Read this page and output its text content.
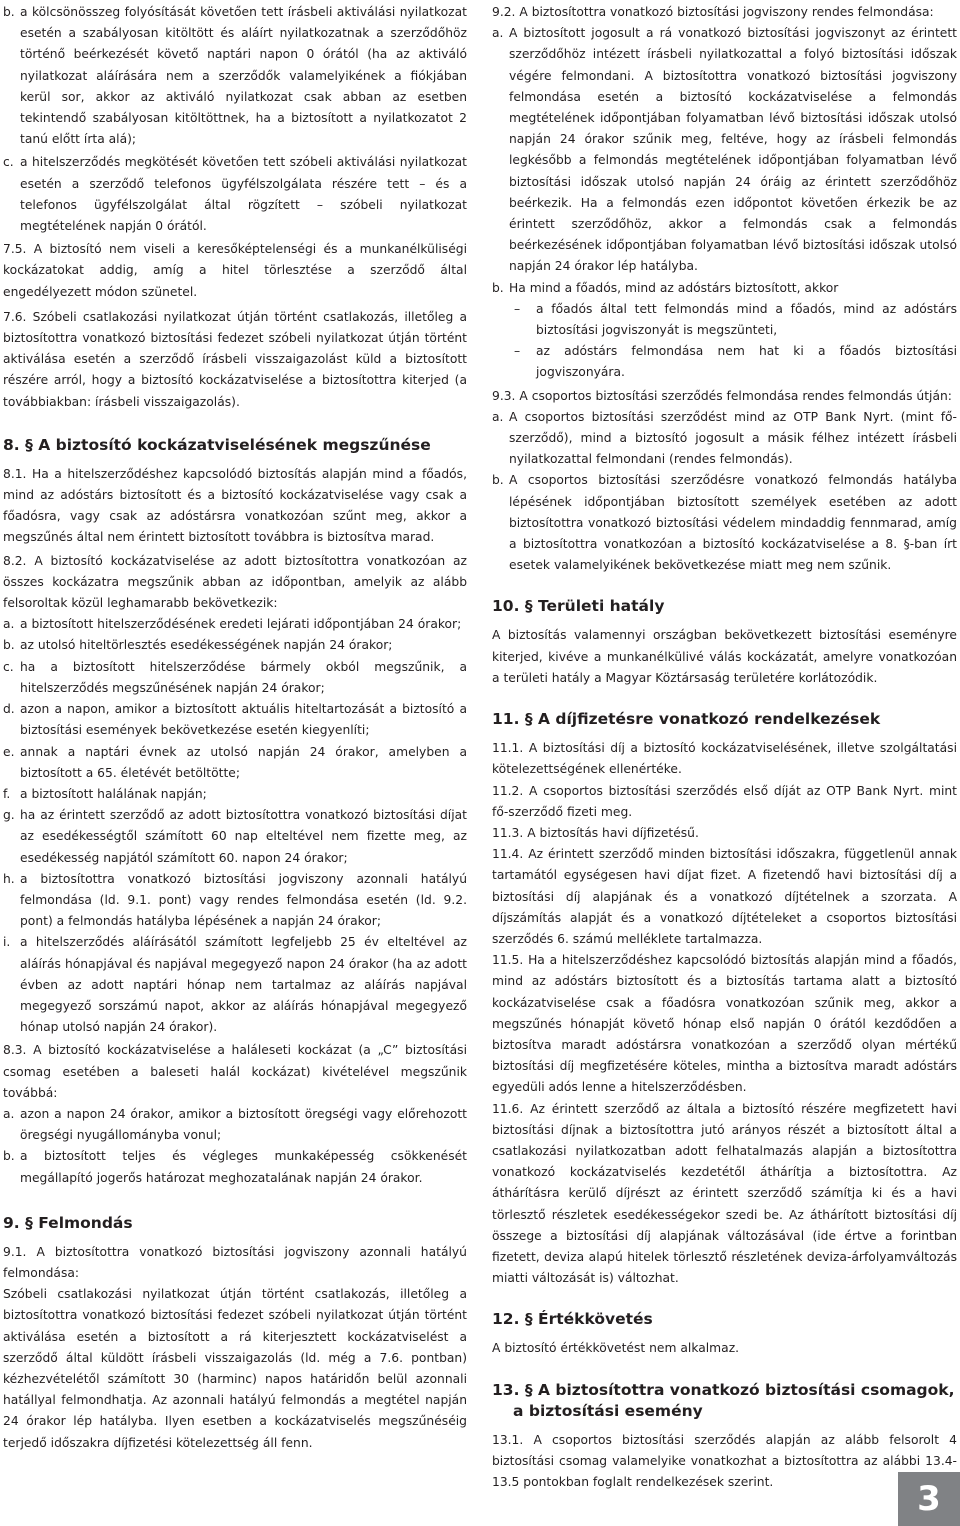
b. a kölcsönösszeg folyósítását követően tett írásbeli aktiválási nyilatkozat esetén a szabályosan kitöltött és aláírt nyilatkozatnak a szerződőhöz történő beérkezését követő naptári napon 0 órától (ha az aktiváló nyilatkozat aláírására nem a szerződők valamelyikének a fiókjában kerül sor, akkor az aktiváló nyilatkozat csak abban az esetben tekintendő szabályosan kitöltöttnek, ha a biztosított a nyilatkozatot 2 tanú előtt írta alá);
c. a hitelszerződés megkötését követően tett szóbeli aktiválási nyilatkozat esetén a szerződő telefonos ügyfélszolgálata részére tett – és a telefonos ügyfélszolgálat által rögzített – szóbeli nyilatkozat megtételének napján 0 órától.

7.5. A biztosító nem viseli a keresőképtelenségi és a munkanélküliségi kockázatokat addig, amíg a hitel törlesztése a szerződő által engedélyezett módon szünetel.

7.6. Szóbeli csatlakozási nyilatkozat útján történt csatlakozás, illetőleg a biztosítottra vonatkozó biztosítási fedezet szóbeli nyilatkozat útján történt aktiválása esetén a szerződő írásbeli visszaigazolást küld a biztosított részére arról, hogy a biztosító kockázatviselése a biztosítottra kiterjed (a továbbiakban: írásbeli visszaigazolás).

8. § A biztosító kockázatviselésének megszűnése

8.1. Ha a hitelszerződéshez kapcsolódó biztosítás alapján mind a főadós, mind az adóstárs biztosított és a biztosító kockázatviselése vagy csak a főadósra, vagy csak az adóstársra vonatkozóan szűnt meg, akkor a megszűnés által nem érintett biztosított továbbra is biztosítva marad.

8.2. A biztosító kockázatviselése az adott biztosítottra vonatkozóan az összes kockázatra megszűnik abban az időpontban, amelyik az alább felsoroltak közül leghamarabb bekövetkezik:

a. a biztosított hitelszerződésének eredeti lejárati időpontjában 24 órakor;
b. az utolsó hiteltörlesztés esedékességének napján 24 órakor;
c. ha a biztosított hitelszerződése bármely okból megszűnik, a hitelszerződés megszűnésének napján 24 órakor;
d. azon a napon, amikor a biztosított aktuális hiteltartozását a biztosító a biztosítási események bekövetkezése esetén kiegyenlíti;
e. annak a naptári évnek az utolsó napján 24 órakor, amelyben a biztosított a 65. életévét betöltötte;
f. a biztosított halálának napján;
g. ha az érintett szerződő az adott biztosítottra vonatkozó biztosítási díjat az esedékességtől számított 60 nap elteltével nem fizette meg, az esedékesség napjától számított 60. napon 24 órakor;
h. a biztosítottra vonatkozó biztosítási jogviszony azonnali hatályú felmondása (ld. 9.1. pont) vagy rendes felmondása esetén (ld. 9.2. pont) a felmondás hatályba lépésének a napján 24 órakor;
i. a hitelszerződés aláírásától számított legfeljebb 25 év elteltével az aláírás hónapjával és napjával megegyező napon 24 órakor (ha az adott évben az adott naptári hónap nem tartalmaz az aláírás napjával megegyező sorszámú napot, akkor az aláírás hónapjával megegyező hónap utolsó napján 24 órakor).

8.3. A biztosító kockázatviselése a haláleseti kockázat (a „C” biztosítási csomag esetében a baleseti halál kockázat) kivételével megszűnik továbbá:

a. azon a napon 24 órakor, amikor a biztosított öregségi vagy előrehozott öregségi nyugállományba vonul;
b. a biztosított teljes és végleges munkaképesség csökkenését megállapító jogerős határozat meghozatalának napján 24 órakor.
9. § Felmondás

9.1. A biztosítottra vonatkozó biztosítási jogviszony azonnali hatályú felmondása:

Szóbeli csatlakozási nyilatkozat útján történt csatlakozás, illetőleg a biztosítottra vonatkozó biztosítási fedezet szóbeli nyilatkozat útján történt aktiválása esetén a biztosított a rá kiterjesztett kockázatviselést a szerződő által küldött írásbeli visszaigazolás (ld. még a 7.6. pontban) kézhezvételétől számított 30 (harminc) napos határidőn belül azonnali hatállyal felmondhatja. Az azonnali hatályú felmondás a megtétel napján 24 órakor lép hatályba. Ilyen esetben a kockázatviselés megszűnéséig terjedő időszakra díjfizetési kötelezettség áll fenn.

9.2. A biztosítottra vonatkozó biztosítási jogviszony rendes felmondása:

a. A biztosított jogosult a rá vonatkozó biztosítási jogviszonyt az érintett szerződőhöz intézett írásbeli nyilatkozattal a folyó biztosítási időszak végére felmondani. A biztosítottra vonatkozó biztosítási jogviszony felmondása esetén a biztosító kockázatviselése a felmondás megtételének időpontjában folyamatban lévő biztosítási időszak utolsó napján 24 órakor szűnik meg, feltéve, hogy az írásbeli felmondás legkésőbb a felmondás megtételének időpontjában folyamatban lévő biztosítási időszak utolsó napján 24 óráig az érintett szerződőhöz beérkezik. Ha a felmondás ezen időpontot követően érkezik be az érintett szerződőhöz, akkor a felmondás csak a felmondás beérkezésének időpontjában folyamatban lévő biztosítási időszak utolsó napján 24 órakor lép hatályba.
b. Ha mind a főadós, mind az adóstárs biztosított, akkor
–	a főadós által tett felmondás mind a főadós, mind az adóstárs biztosítási jogviszonyát is megszünteti,
–	az adóstárs felmondása nem hat ki a főadós biztosítási jogviszonyára.

9.3. A csoportos biztosítási szerződés felmondása rendes felmondás útján:

a. A csoportos biztosítási szerződést mind az OTP Bank Nyrt. (mint fő-szerződő), mind a biztosító jogosult a másik félhez intézett írásbeli nyilatkozattal felmondani (rendes felmondás).
b. A csoportos biztosítási szerződésre vonatkozó felmondás hatályba lépésének időpontjában biztosított személyek esetében az adott biztosítottra vonatkozó biztosítási védelem mindaddig fennmarad, amíg a biztosítottra vonatkozóan a biztosító kockázatviselése a 8. §-ban írt esetek valamelyikének bekövetkezése miatt meg nem szűnik.
10. § Területi hatály

A biztosítás valamennyi országban bekövetkezett biztosítási eseményre kiterjed, kivéve a munkanélkülivé válás kockázatát, amelyre vonatkozóan a területi hatály a Magyar Köztársaság területére korlátozódik.

11. § A díjfizetésre vonatkozó rendelkezések

11.1. A biztosítási díj a biztosító kockázatviselésének, illetve szolgáltatási kötelezettségének ellenértéke.

11.2. A csoportos biztosítási szerződés első díját az OTP Bank Nyrt. mint fő-szerződő fizeti meg.

11.3. A biztosítás havi díjfizetésű.

11.4. Az érintett szerződő minden biztosítási időszakra, függetlenül annak tartamától egységesen havi díjat fizet. A fizetendő havi biztosítási díj a biztosítási díj alapjának és a vonatkozó díjtételnek a szorzata. A díjszámítás alapját és a vonatkozó díjtételeket a csoportos biztosítási szerződés 6. számú melléklete tartalmazza.

11.5. Ha a hitelszerződéshez kapcsolódó biztosítás alapján mind a főadós, mind az adóstárs biztosított és a biztosítás tartama alatt a biztosító kockázatviselése csak a főadósra vonatkozóan szűnik meg, akkor a megszűnés hónapját követő hónap első napján 0 órától kezdődően a biztosítva maradt adóstársra vonatkozóan a szerződő olyan mértékű biztosítási díj megfizetésére köteles, mintha a biztosítva maradt adóstárs egyedüli adós lenne a hitelszerződésben.

11.6. Az érintett szerződő az általa a biztosító részére megfizetett havi biztosítási díjnak a biztosítottra jutó arányos részét a biztosított által a csatlakozási nyilatkozatban adott felhatalmazás alapján a biztosítottra vonatkozó kockázatviselés kezdetétől áthárítja a biztosítottra. Az áthárításra kerülő díjrészt az érintett szerződő számítja ki és a havi törlesztő részletek esedékességekor szedi be. Az áthárított biztosítási díj összege a biztosítási díj alapjának változásával (ide értve a forintban fizetett, deviza alapú hitelek törlesztő részletének deviza-árfolyamváltozás miatti változását is) változhat.

12. § Értékkövetés

A biztosító értékkövetést nem alkalmaz.

13. § A biztosítottra vonatkozó biztosítási csomagok,
a biztosítási esemény

13.1. A csoportos biztosítási szerződés alapján az alább felsorolt 4 biztosítási csomag valamelyike vonatkozhat a biztosítottra az alábbi 13.4-13.5 pontokban foglalt rendelkezések szerint.	3
